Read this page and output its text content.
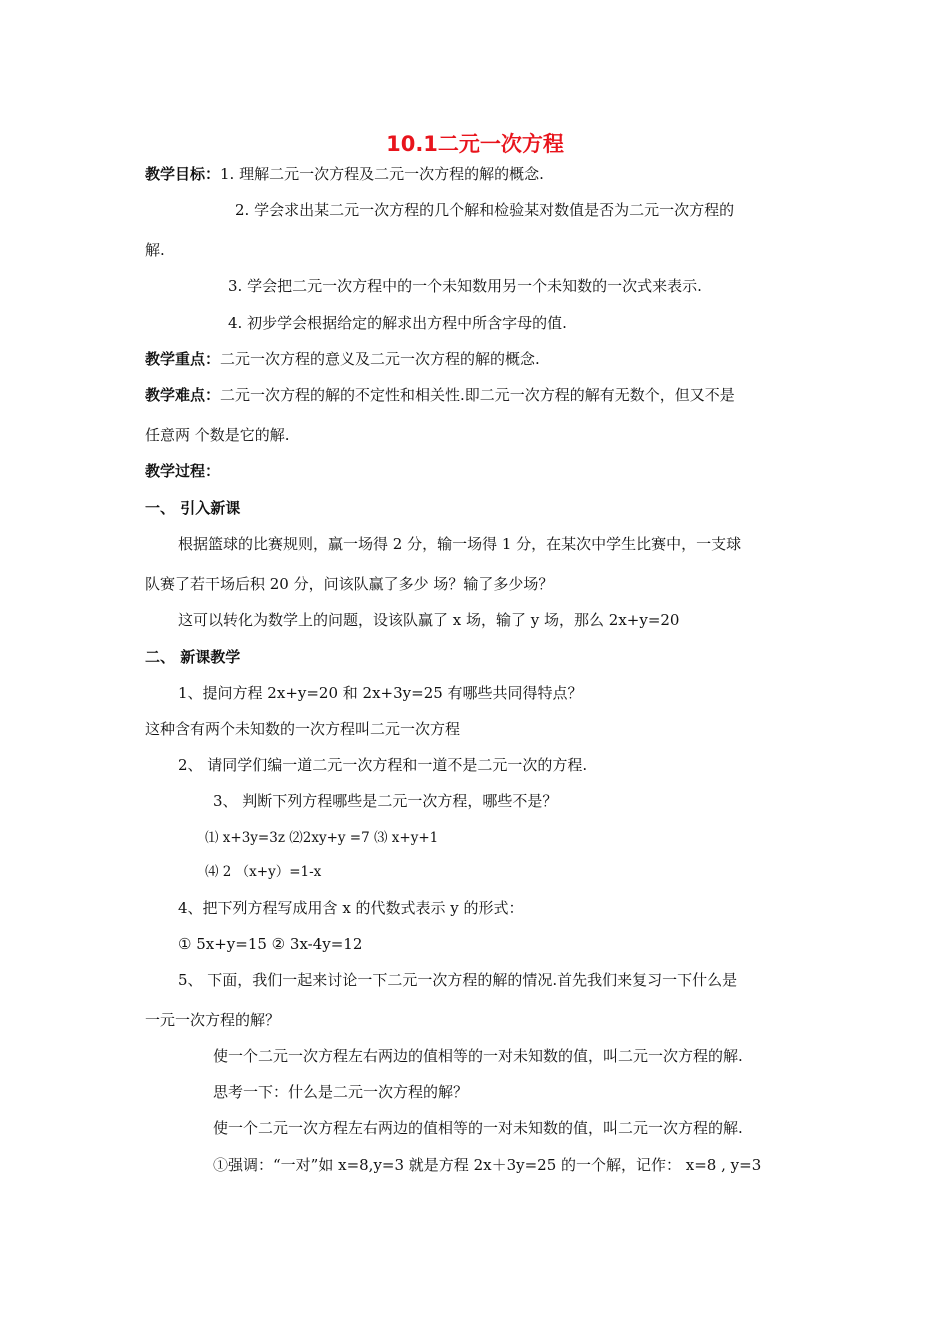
10.1二元一次方程
教学目标：1. 理解二元一次方程及二元一次方程的解的概念.
2. 学会求出某二元一次方程的几个解和检验某对数值是否为二元一次方程的
解.
3. 学会把二元一次方程中的一个未知数用另一个未知数的一次式来表示.
4. 初步学会根据给定的解求出方程中所含字母的值.
教学重点：二元一次方程的意义及二元一次方程的解的概念.
教学难点：二元一次方程的解的不定性和相关性.即二元一次方程的解有无数个，但又不是
任意两 个数是它的解.
教学过程：
一、 引入新课
根据篮球的比赛规则，赢一场得 2 分，输一场得 1 分，在某次中学生比赛中，一支球
队赛了若干场后积 20 分，问该队赢了多少 场？输了多少场？
这可以转化为数学上的问题，设该队赢了 x 场，输了 y 场，那么 2x+y=20
二、 新课教学
1、提问方程 2x+y=20 和 2x+3y=25 有哪些共同得特点？
这种含有两个未知数的一次方程叫二元一次方程
2、 请同学们编一道二元一次方程和一道不是二元一次的方程.
3、 判断下列方程哪些是二元一次方程，哪些不是？
⑴ x+3y=3z ⑵2xy+y =7 ⑶ x+y+1
⑷ 2 （x+y）=1-x
4、把下列方程写成用含 x 的代数式表示 y 的形式：
① 5x+y=15 ② 3x-4y=12
5、 下面，我们一起来讨论一下二元一次方程的解的情况.首先我们来复习一下什么是
一元一次方程的解？
使一个二元一次方程左右两边的值相等的一对未知数的值，叫二元一次方程的解.
思考一下：什么是二元一次方程的解？
使一个二元一次方程左右两边的值相等的一对未知数的值，叫二元一次方程的解.
①强调：“一对”如 x=8,y=3 就是方程 2x＋3y=25 的一个解，记作： x=8 , y=3
